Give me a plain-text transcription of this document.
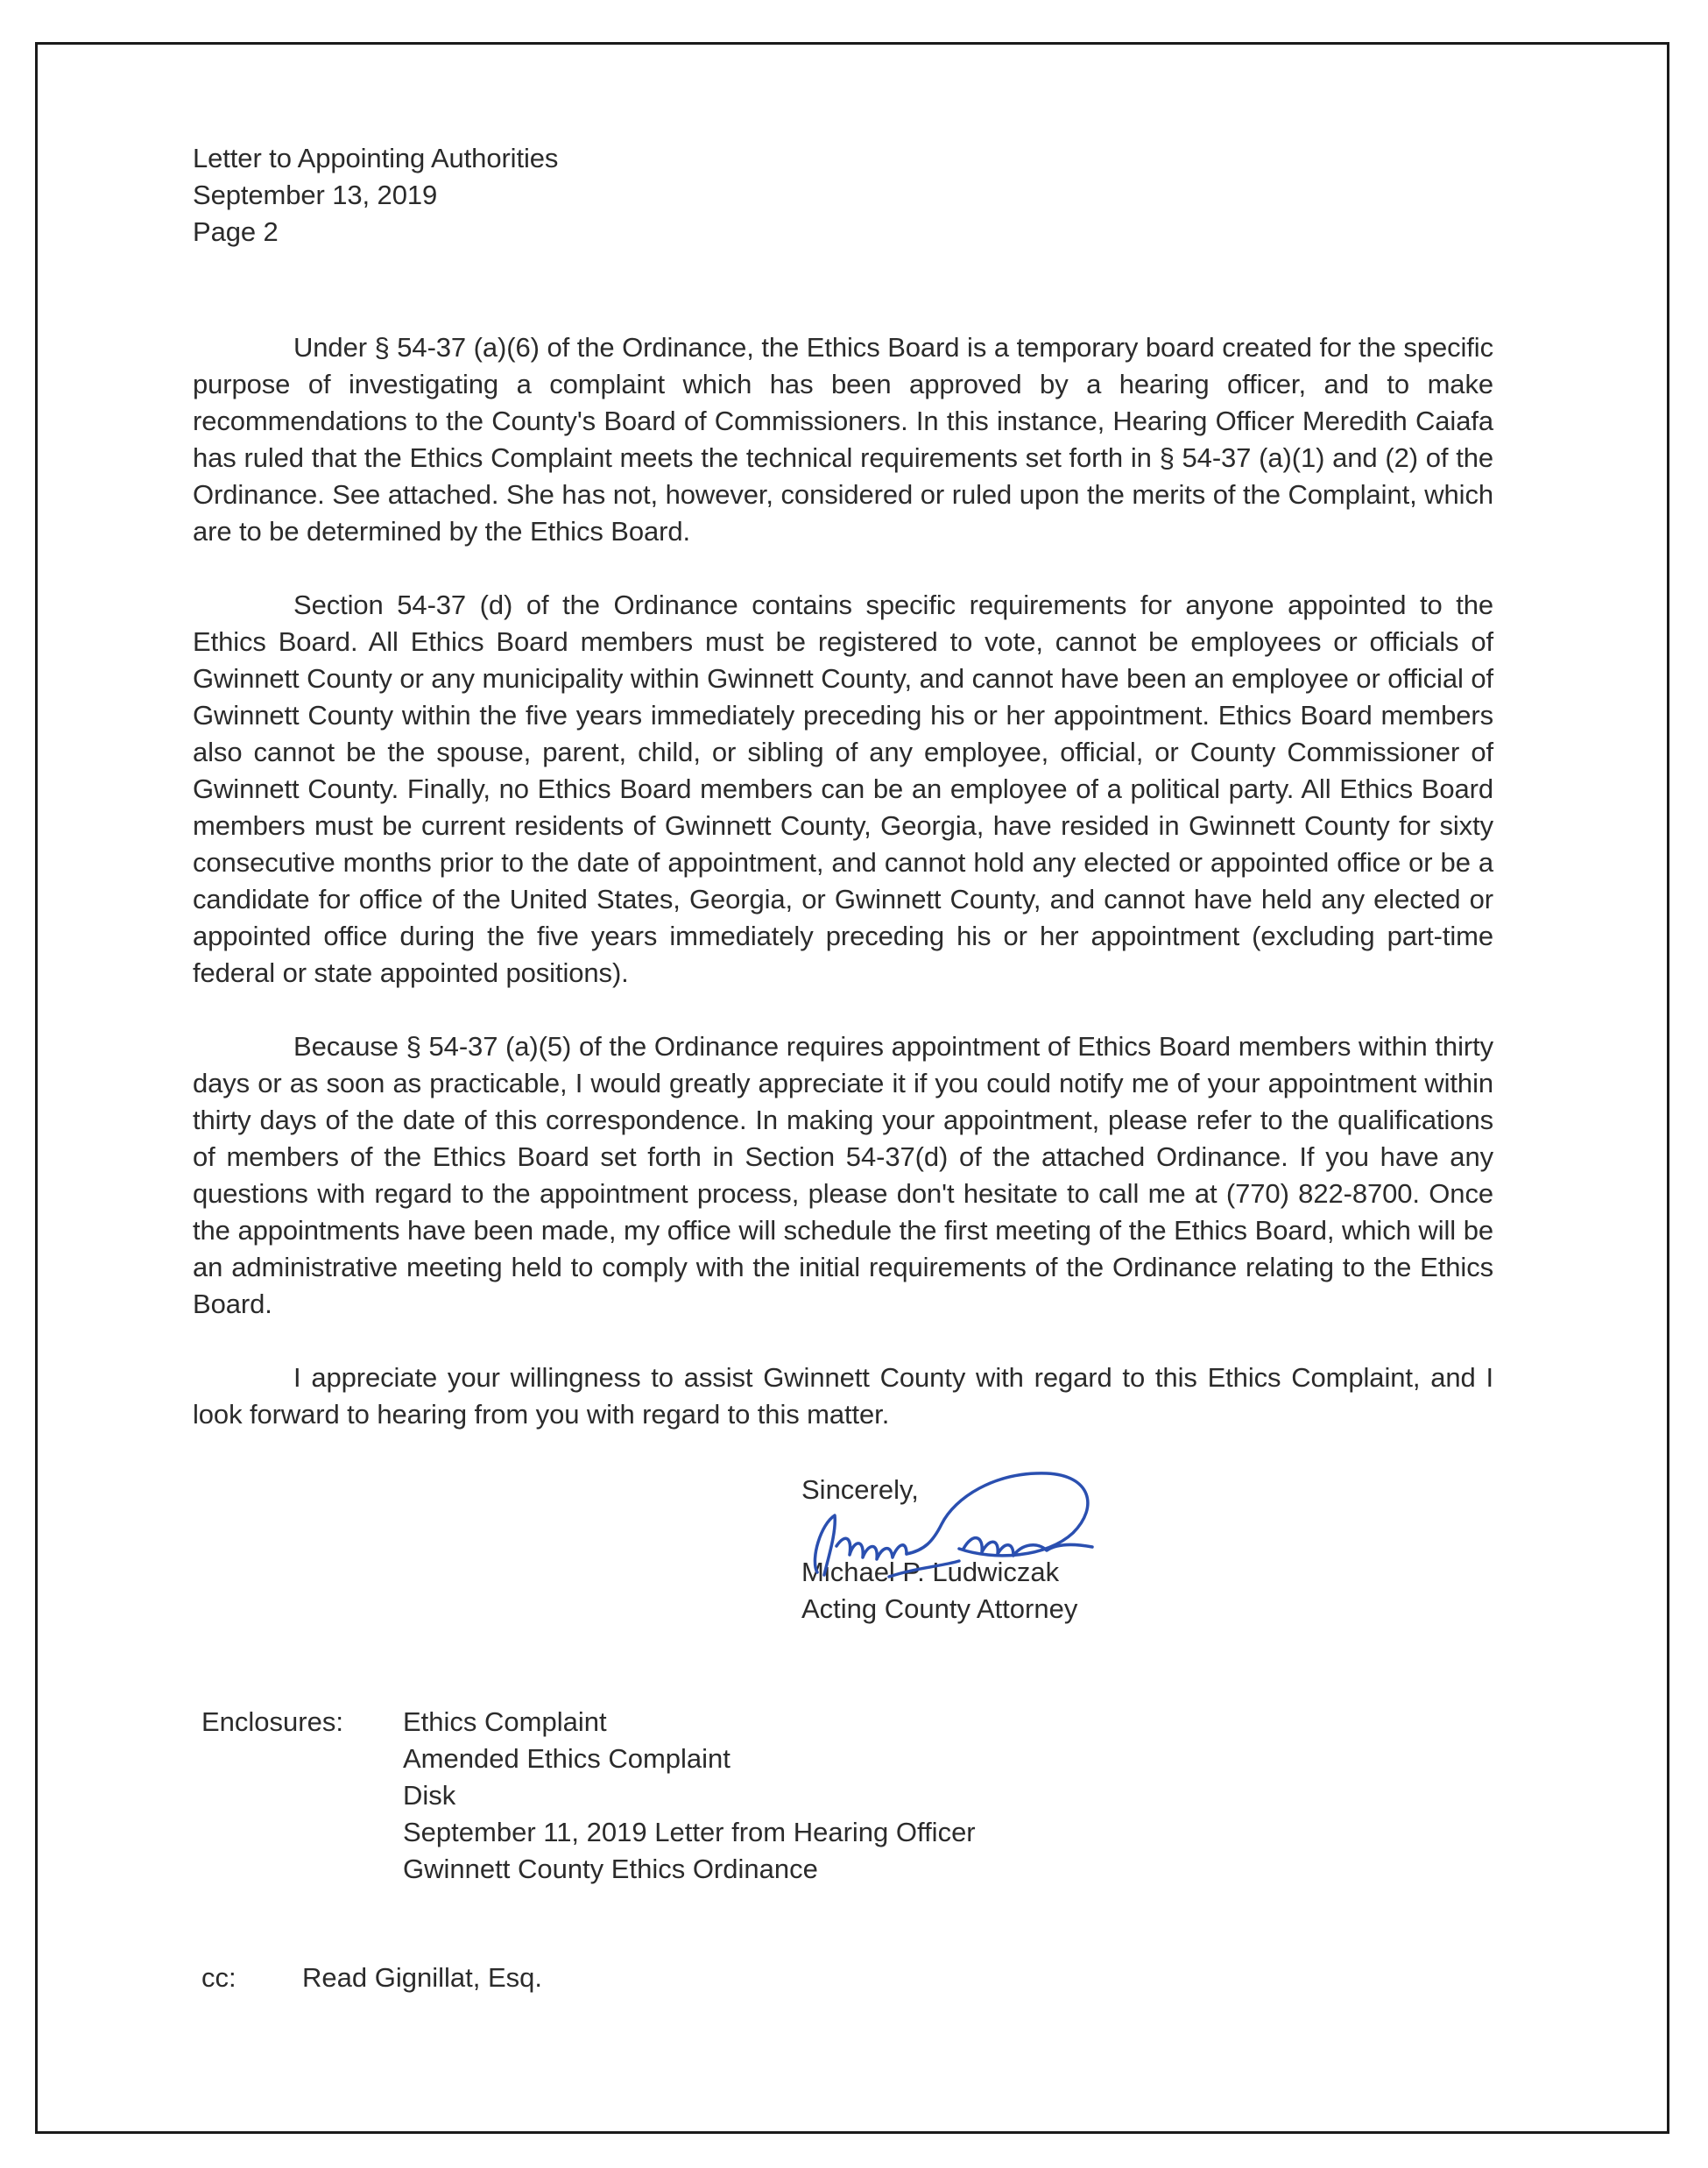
Letter to Appointing Authorities
September 13, 2019
Page 2

Under § 54-37 (a)(6) of the Ordinance, the Ethics Board is a temporary board created for the specific purpose of investigating a complaint which has been approved by a hearing officer, and to make recommendations to the County's Board of Commissioners. In this instance, Hearing Officer Meredith Caiafa has ruled that the Ethics Complaint meets the technical requirements set forth in § 54-37 (a)(1) and (2) of the Ordinance. See attached. She has not, however, considered or ruled upon the merits of the Complaint, which are to be determined by the Ethics Board.

Section 54-37 (d) of the Ordinance contains specific requirements for anyone appointed to the Ethics Board. All Ethics Board members must be registered to vote, cannot be employees or officials of Gwinnett County or any municipality within Gwinnett County, and cannot have been an employee or official of Gwinnett County within the five years immediately preceding his or her appointment. Ethics Board members also cannot be the spouse, parent, child, or sibling of any employee, official, or County Commissioner of Gwinnett County. Finally, no Ethics Board members can be an employee of a political party. All Ethics Board members must be current residents of Gwinnett County, Georgia, have resided in Gwinnett County for sixty consecutive months prior to the date of appointment, and cannot hold any elected or appointed office or be a candidate for office of the United States, Georgia, or Gwinnett County, and cannot have held any elected or appointed office during the five years immediately preceding his or her appointment (excluding part-time federal or state appointed positions).

Because § 54-37 (a)(5) of the Ordinance requires appointment of Ethics Board members within thirty days or as soon as practicable, I would greatly appreciate it if you could notify me of your appointment within thirty days of the date of this correspondence. In making your appointment, please refer to the qualifications of members of the Ethics Board set forth in Section 54-37(d) of the attached Ordinance. If you have any questions with regard to the appointment process, please don't hesitate to call me at (770) 822-8700. Once the appointments have been made, my office will schedule the first meeting of the Ethics Board, which will be an administrative meeting held to comply with the initial requirements of the Ordinance relating to the Ethics Board.

I appreciate your willingness to assist Gwinnett County with regard to this Ethics Complaint, and I look forward to hearing from you with regard to this matter.

Sincerely,
Michael P. Ludwiczak
Acting County Attorney
Enclosures:	Ethics Complaint
Amended Ethics Complaint
Disk
September 11, 2019 Letter from Hearing Officer
Gwinnett County Ethics Ordinance
cc:	Read Gignillat, Esq.
